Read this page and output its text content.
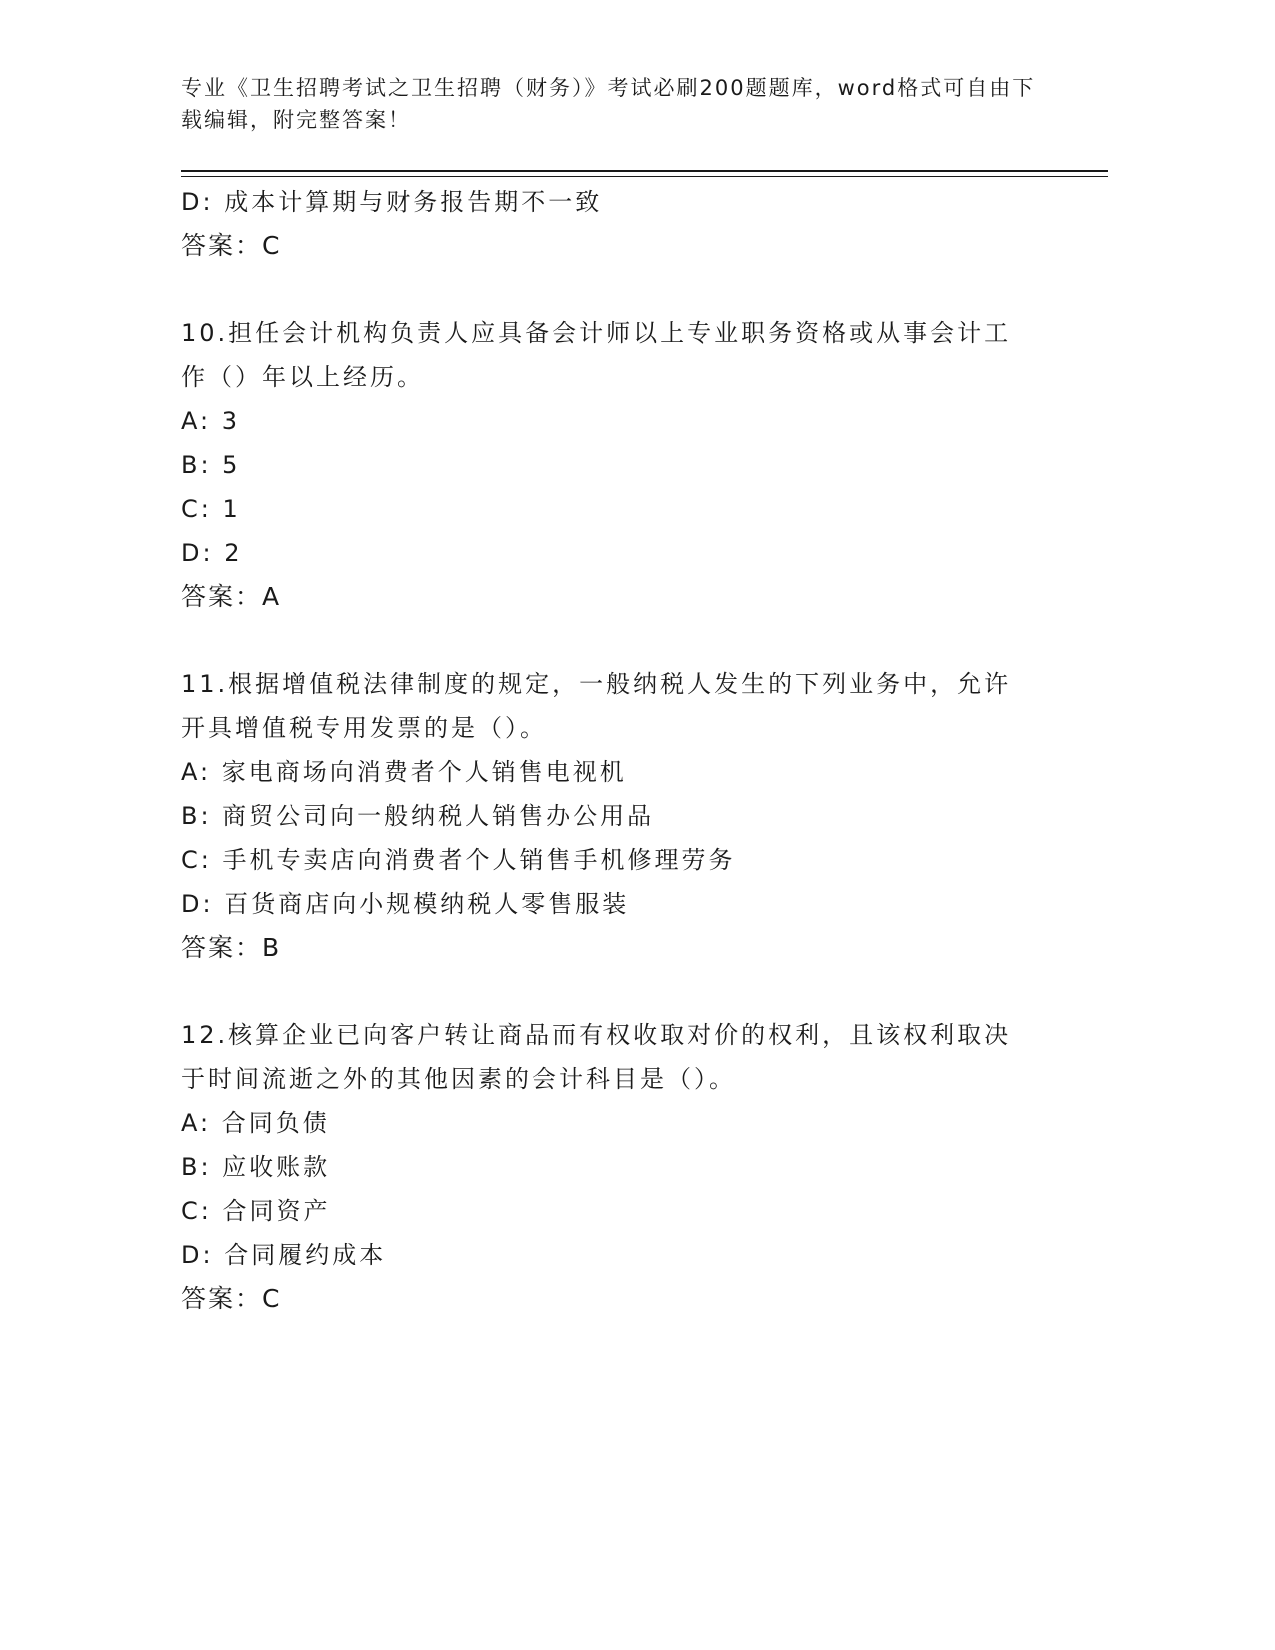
专业《卫生招聘考试之卫生招聘（财务）》考试必刷200题题库，word格式可自由下载编辑，附完整答案！
D: 成本计算期与财务报告期不一致
答案：C
10.担任会计机构负责人应具备会计师以上专业职务资格或从事会计工
作（）年以上经历。
A: 3
B: 5
C: 1
D: 2
答案：A
11.根据增值税法律制度的规定，一般纳税人发生的下列业务中，允许
开具增值税专用发票的是（）。
A: 家电商场向消费者个人销售电视机
B: 商贸公司向一般纳税人销售办公用品
C: 手机专卖店向消费者个人销售手机修理劳务
D: 百货商店向小规模纳税人零售服装
答案：B
12.核算企业已向客户转让商品而有权收取对价的权利，且该权利取决
于时间流逝之外的其他因素的会计科目是（）。
A: 合同负债
B: 应收账款
C: 合同资产
D: 合同履约成本
答案：C
